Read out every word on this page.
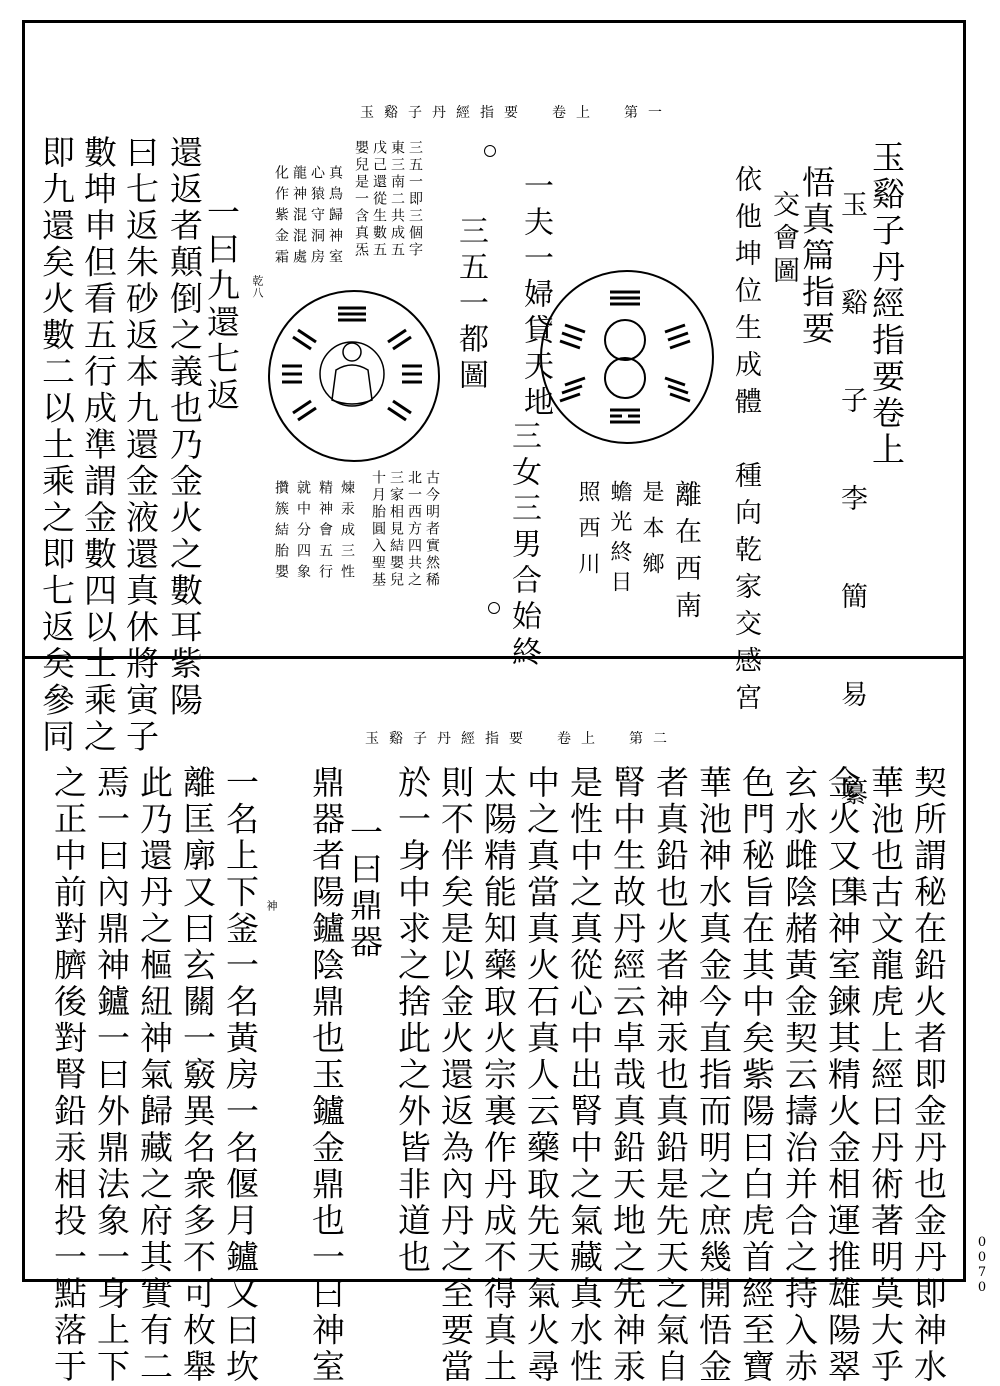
玉谿子丹經指要　卷上　第一
玉谿子丹經指要　卷上　第二
玉谿子丹經指要卷上
玉　谿　子　李　簡　易　纂　集
悟真篇指要
交會圖
依他坤位生成體　種向乾家交感宮
離在西南
是本鄉
蟾光終日
照西川
一夫一婦貸天地
三五一都圖
三女三男合始終
三五一即三個字
東三南二共成五
戊己還從生數五
嬰兒是一含真炁
真鳥歸神室
心猿守洞房
龍神混混處
化作紫金霜
乾八
古今明者實然稀
北一西方四共之
三家相見結嬰兒
十月胎圓入聖基
煉汞成三性
精神會五行
就中分四象
攢簇結胎嬰
一曰九還七返
還返者顛倒之義也乃金火之數耳紫陽
曰七返朱砂返本九還金液還真休將寅子
數坤申但看五行成準謂金數四以土乘之
即九還矣火數二以土乘之即七返矣參同
契所謂秘在鉛火者即金丹也金丹即神水
華池也古文龍虎上經曰丹術著明莫大乎
金火又曰神室鍊其精火金相運推雄陽翠
玄水雌陰赭黃金契云擣治并合之持入赤
色門秘旨在其中矣紫陽曰白虎首經至寶
華池神水真金今直指而明之庶幾開悟金
者真鉛也火者神汞也真鉛是先天之氣自
腎中生故丹經云卓哉真鉛天地之先神汞
是性中之真從心中出腎中之氣藏真水性
中之真當真火石真人云藥取先天氣火尋
太陽精能知藥取火宗裏作丹成不得真土
則不伴矣是以金火還返為內丹之至要當
於一身中求之捨此之外皆非道也
一曰鼎器
鼎器者陽鑪陰鼎也玉鑪金鼎也一曰神室
神
一名上下釜一名黃房一名偃月鑪又曰坎
離匡廓又曰玄關一竅異名衆多不可枚舉
此乃還丹之樞紐神氣歸藏之府其實有二
焉一曰內鼎神鑪一曰外鼎法象一身上下
之正中前對臍後對腎鉛汞相投一點落于	0070
